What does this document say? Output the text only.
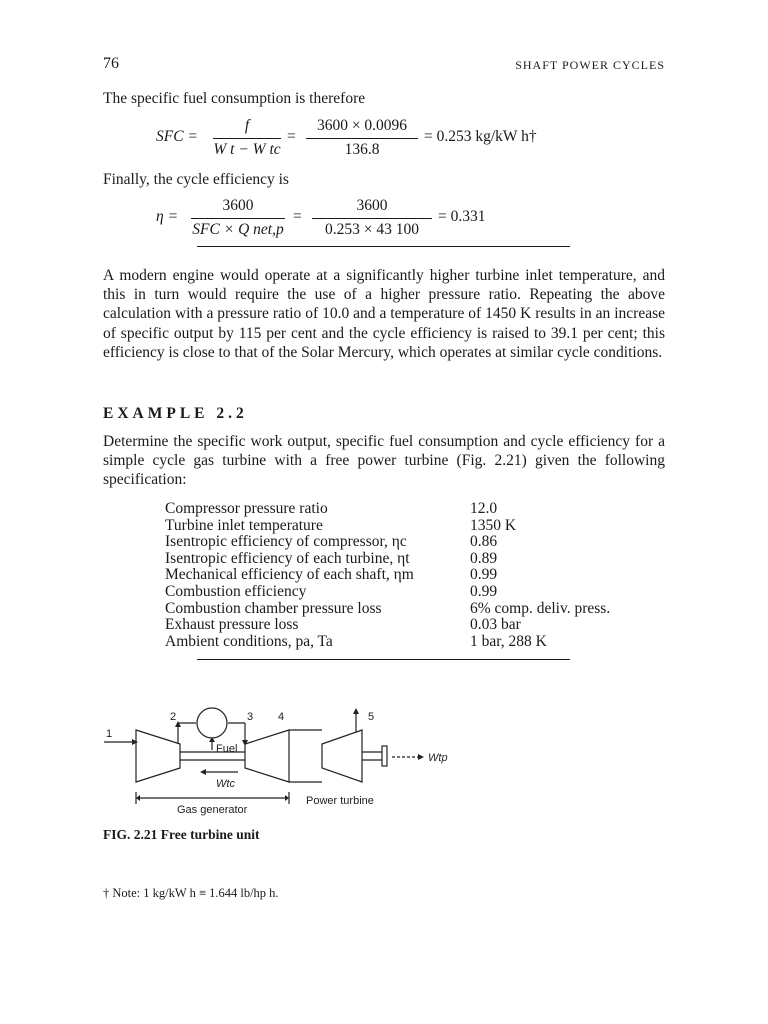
76	SHAFT POWER CYCLES
The specific fuel consumption is therefore
SFC =
f
W t − W tc
=
3600 × 0.0096
136.8
= 0.253 kg/kW h†
Finally, the cycle efficiency is
η =
3600
SFC × Q net,p
=
3600
0.253 × 43 100
= 0.331
A modern engine would operate at a significantly higher turbine inlet temperature, and this in turn would require the use of a higher pressure ratio. Repeating the above calculation with a pressure ratio of 10.0 and a temperature of 1450 K results in an increase of specific output by 115 per cent and the cycle efficiency is raised to 39.1 per cent; this efficiency is close to that of the Solar Mercury, which operates at similar cycle conditions.
EXAMPLE 2.2
Determine the specific work output, specific fuel consumption and cycle efficiency for a simple cycle gas turbine with a free power turbine (Fig. 2.21) given the following specification:
Compressor pressure ratio	12.0
Turbine inlet temperature	1350 K
Isentropic efficiency of compressor, ηc	0.86
Isentropic efficiency of each turbine, ηt	0.89
Mechanical efficiency of each shaft, ηm	0.99
Combustion efficiency	0.99
Combustion chamber pressure loss	6% comp. deliv. press.
Exhaust pressure loss	0.03 bar
Ambient conditions, pa, Ta	1 bar, 288 K
1
2	3 4	5
Fuel
Wtc
Wtp
Gas generator
Power turbine
FIG. 2.21 Free turbine unit
† Note: 1 kg/kW h ≡ 1.644 lb/hp h.
